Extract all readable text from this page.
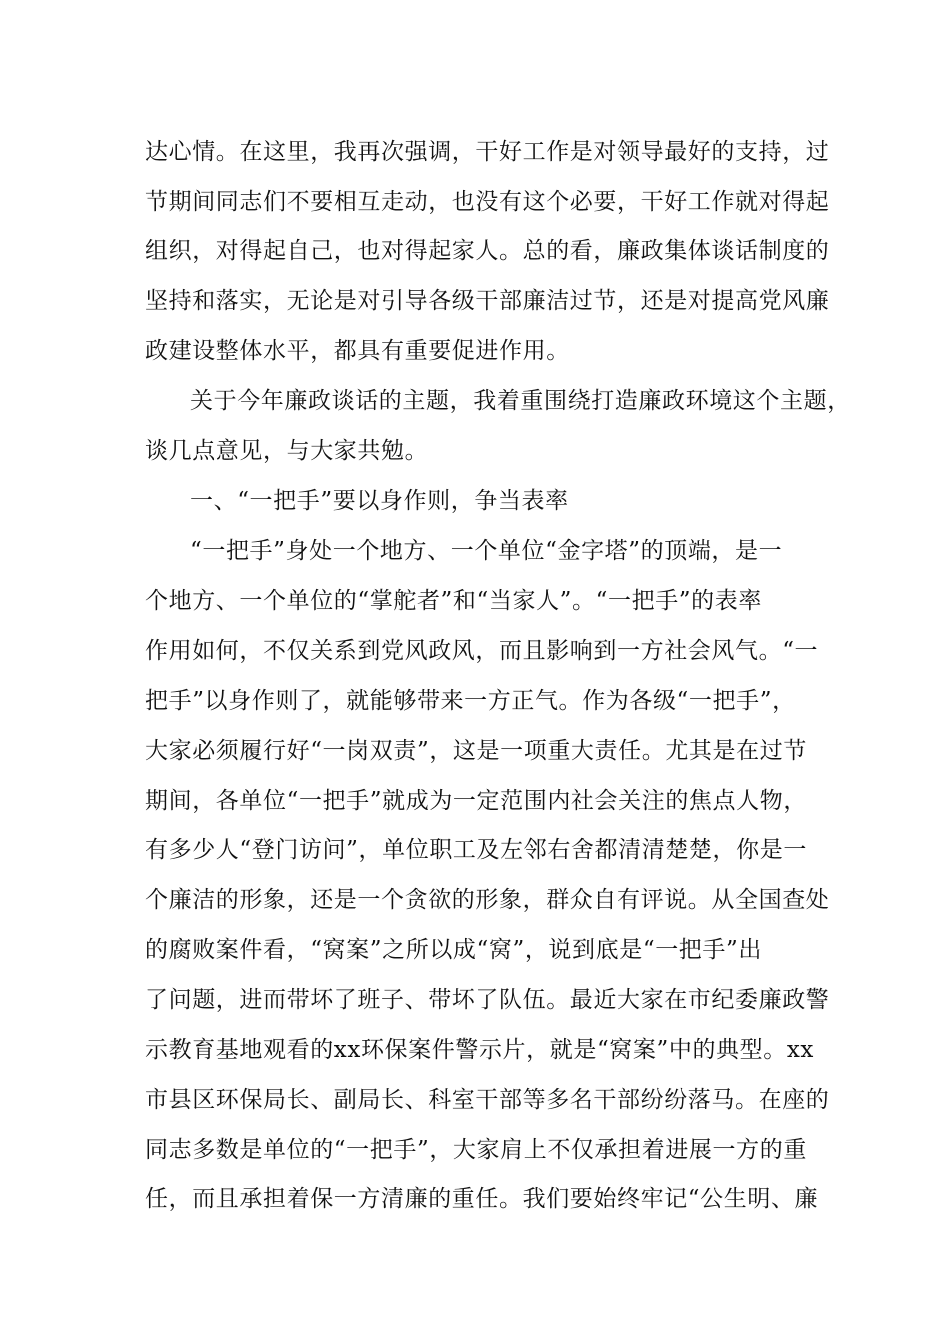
达心情。在这里，我再次强调，干好工作是对领导最好的支持，过
节期间同志们不要相互走动，也没有这个必要，干好工作就对得起
组织，对得起自己，也对得起家人。总的看，廉政集体谈话制度的
坚持和落实，无论是对引导各级干部廉洁过节，还是对提高党风廉
政建设整体水平，都具有重要促进作用。
关于今年廉政谈话的主题，我着重围绕打造廉政环境这个主题，
谈几点意见，与大家共勉。
一、“一把手”要以身作则，争当表率
“一把手”身处一个地方、一个单位“金字塔”的顶端，是一
个地方、一个单位的“掌舵者”和“当家人”。“一把手”的表率
作用如何，不仅关系到党风政风，而且影响到一方社会风气。“一
把手”以身作则了，就能够带来一方正气。作为各级“一把手”，
大家必须履行好“一岗双责”，这是一项重大责任。尤其是在过节
期间，各单位“一把手”就成为一定范围内社会关注的焦点人物，
有多少人“登门访问”，单位职工及左邻右舍都清清楚楚，你是一
个廉洁的形象，还是一个贪欲的形象，群众自有评说。从全国查处
的腐败案件看，“窝案”之所以成“窝”，说到底是“一把手”出
了问题，进而带坏了班子、带坏了队伍。最近大家在市纪委廉政警
示教育基地观看的xx环保案件警示片，就是“窝案”中的典型。xx
市县区环保局长、副局长、科室干部等多名干部纷纷落马。在座的
同志多数是单位的“一把手”，大家肩上不仅承担着进展一方的重
任，而且承担着保一方清廉的重任。我们要始终牢记“公生明、廉
